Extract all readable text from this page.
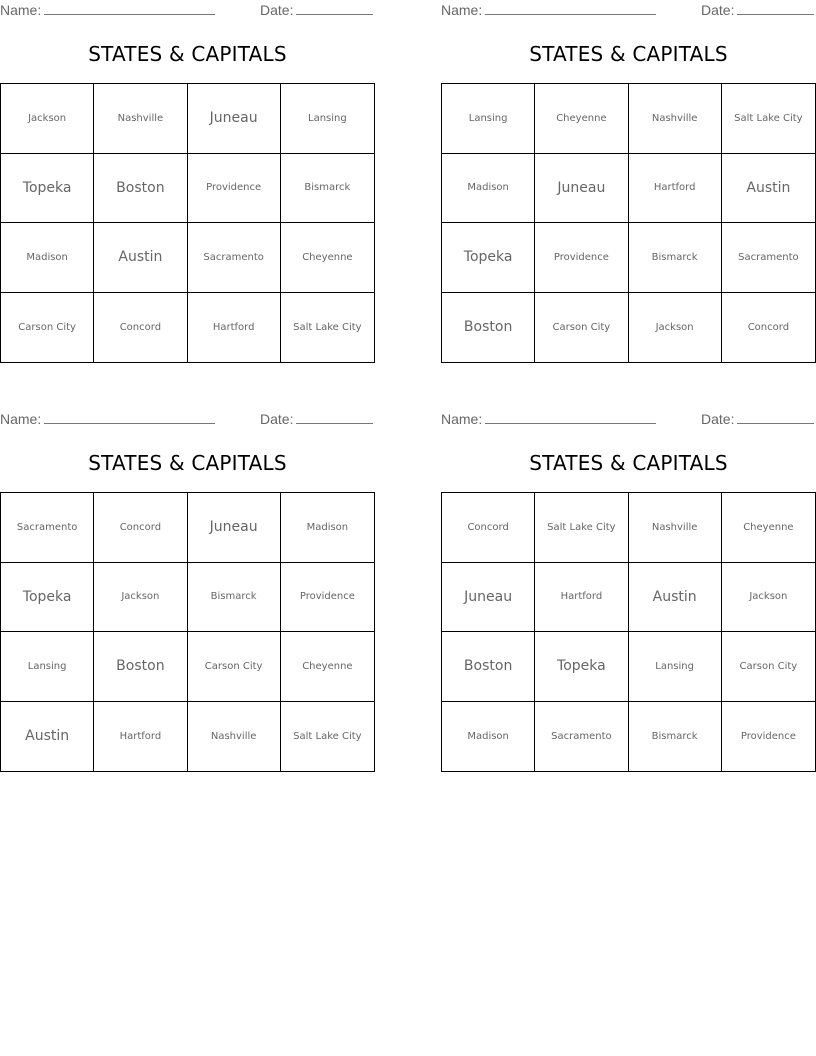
Name:	Date:
STATES & CAPITALS
Jackson	Nashville	Juneau	Lansing
Topeka	Boston	Providence	Bismarck
Madison	Austin	Sacramento	Cheyenne
Carson City	Concord	Hartford	Salt Lake City
Name:	Date:
STATES & CAPITALS
Lansing	Cheyenne	Nashville	Salt Lake City
Madison	Juneau	Hartford	Austin
Topeka	Providence	Bismarck	Sacramento
Boston	Carson City	Jackson	Concord
Name:	Date:
STATES & CAPITALS
Sacramento	Concord	Juneau	Madison
Topeka	Jackson	Bismarck	Providence
Lansing	Boston	Carson City	Cheyenne
Austin	Hartford	Nashville	Salt Lake City
Name:	Date:
STATES & CAPITALS
Concord	Salt Lake City	Nashville	Cheyenne
Juneau	Hartford	Austin	Jackson
Boston	Topeka	Lansing	Carson City
Madison	Sacramento	Bismarck	Providence
